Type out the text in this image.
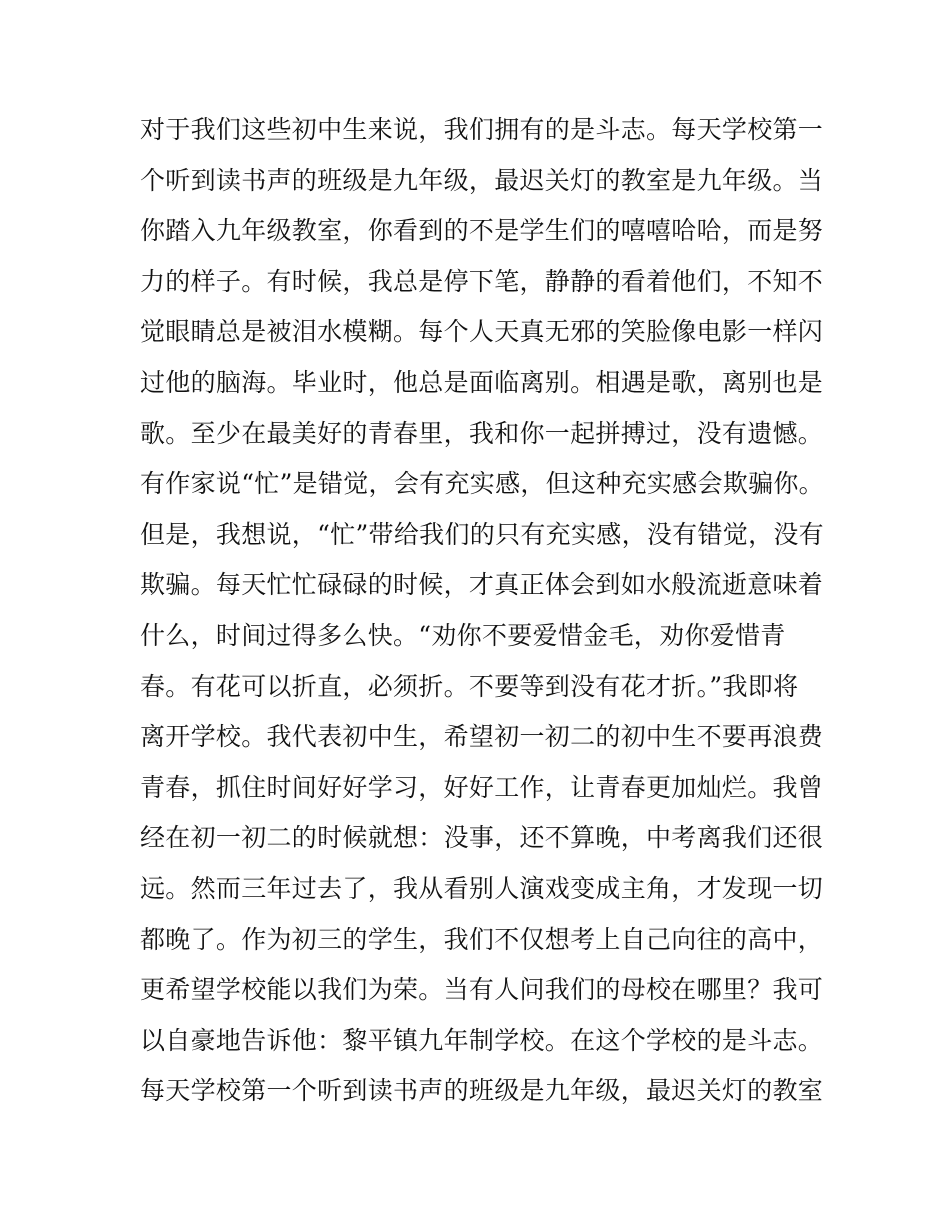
对于我们这些初中生来说，我们拥有的是斗志。每天学校第一
个听到读书声的班级是九年级，最迟关灯的教室是九年级。当
你踏入九年级教室，你看到的不是学生们的嘻嘻哈哈，而是努
力的样子。有时候，我总是停下笔，静静的看着他们，不知不
觉眼睛总是被泪水模糊。每个人天真无邪的笑脸像电影一样闪
过他的脑海。毕业时，他总是面临离别。相遇是歌，离别也是
歌。至少在最美好的青春里，我和你一起拼搏过，没有遗憾。
有作家说“忙”是错觉，会有充实感，但这种充实感会欺骗你。
但是，我想说，“忙”带给我们的只有充实感，没有错觉，没有
欺骗。每天忙忙碌碌的时候，才真正体会到如水般流逝意味着
什么，时间过得多么快。“劝你不要爱惜金毛，劝你爱惜青
春。有花可以折直，必须折。不要等到没有花才折。”我即将
离开学校。我代表初中生，希望初一初二的初中生不要再浪费
青春，抓住时间好好学习，好好工作，让青春更加灿烂。我曾
经在初一初二的时候就想：没事，还不算晚，中考离我们还很
远。然而三年过去了，我从看别人演戏变成主角，才发现一切
都晚了。作为初三的学生，我们不仅想考上自己向往的高中，
更希望学校能以我们为荣。当有人问我们的母校在哪里？我可
以自豪地告诉他：黎平镇九年制学校。在这个学校的是斗志。
每天学校第一个听到读书声的班级是九年级，最迟关灯的教室
